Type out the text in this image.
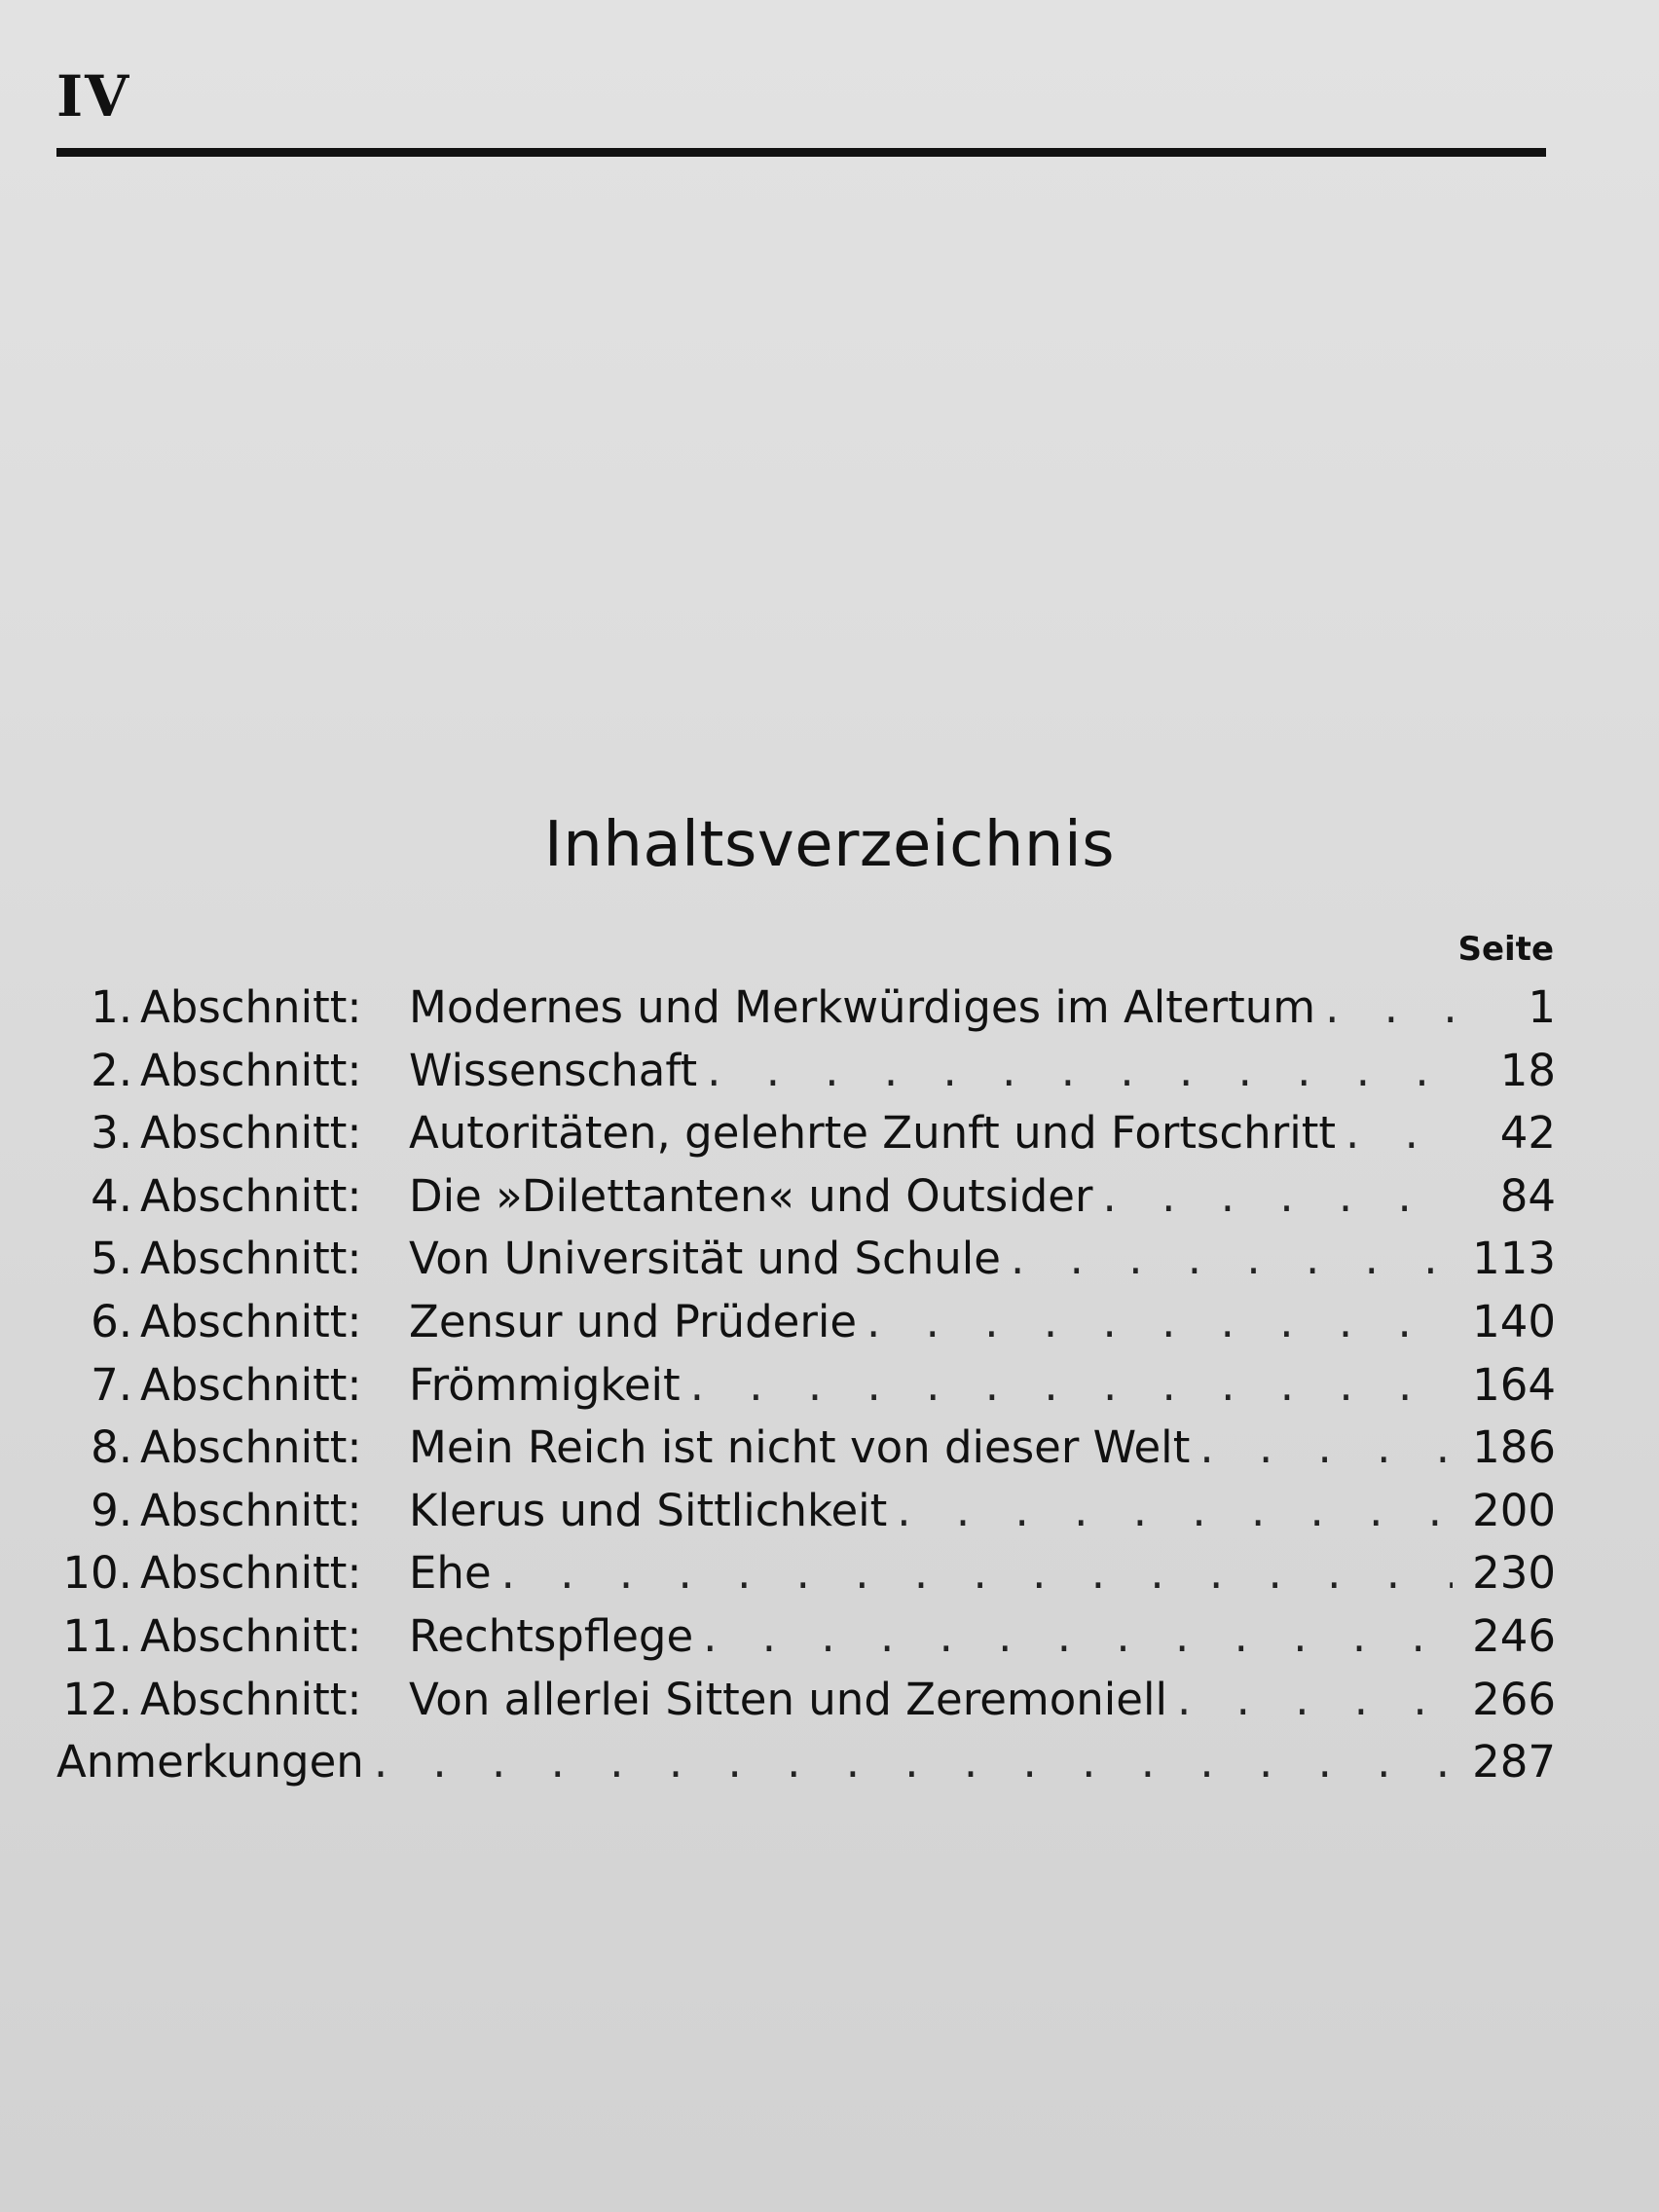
IV
Inhaltsverzeichnis
Seite
1. Abschnitt:	Modernes und Merkwürdiges im Altertum . . .	1
2. Abschnitt:	Wissenschaft . . .	18
3. Abschnitt:	Autoritäten, gelehrte Zunft und Fortschritt . . .	42
4. Abschnitt:	Die »Dilettanten« und Outsider . . .	84
5. Abschnitt:	Von Universität und Schule . . .	113
6. Abschnitt:	Zensur und Prüderie . . .	140
7. Abschnitt:	Frömmigkeit . . .	164
8. Abschnitt:	Mein Reich ist nicht von dieser Welt . . .	186
9. Abschnitt:	Klerus und Sittlichkeit . . .	200
10. Abschnitt:	Ehe . . .	230
11. Abschnitt:	Rechtspflege . . .	246
12. Abschnitt:	Von allerlei Sitten und Zeremoniell . . .	266
Anmerkungen . . .	287
